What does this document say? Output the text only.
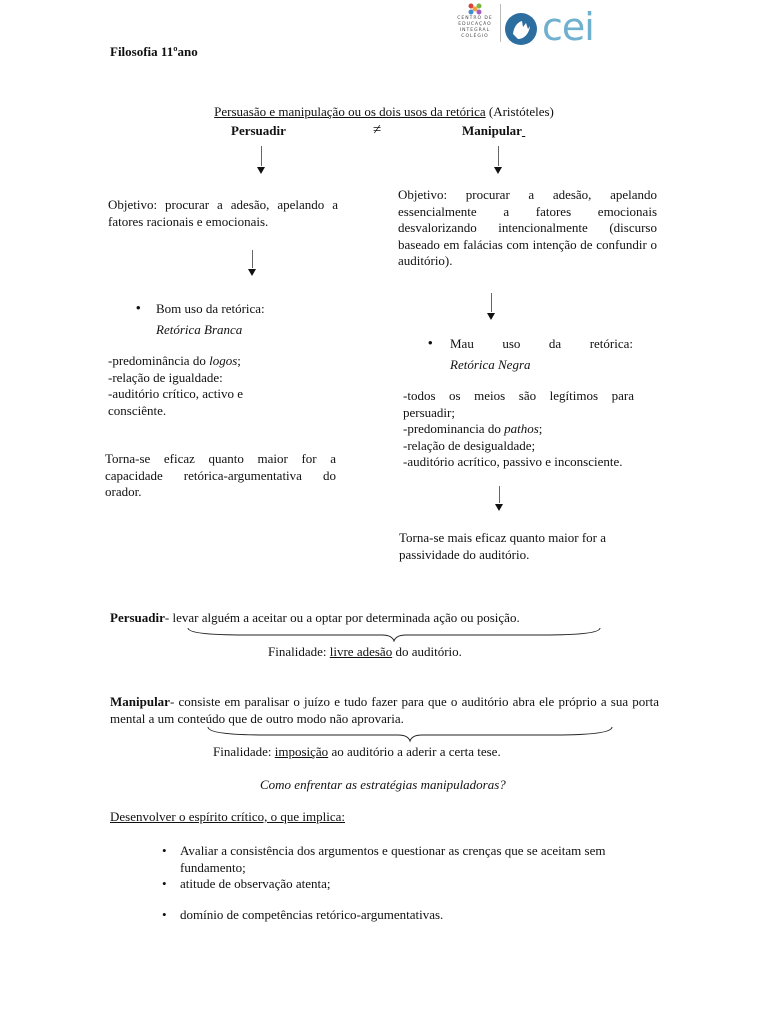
Filosofia 11ºano
CENTRO DE
EDUCAÇÃO
INTEGRAL
COLÉGIO cei
Persuasão e manipulação ou os dois usos da retórica (Aristóteles)
Persuadir	≠	Manipular
Objetivo: procurar a adesão, apelando a fatores racionais e emocionais.
• Bom uso da retórica:
Retórica Branca
-predominância do logos;
-relação de igualdade:
-auditório crítico, activo e consciênte.
Torna-se eficaz quanto maior for a capacidade retórica-argumentativa do orador.
Objetivo: procurar a adesão, apelando essencialmente a fatores emocionais desvalorizando intencionalmente (discurso baseado em falácias com intenção de confundir o auditório).
• Mau uso da retórica:
Retórica Negra
-todos os meios são legítimos para persuadir;
-predominancia do pathos;
-relação de desigualdade;
-auditório acrítico, passivo e inconsciente.
Torna-se mais eficaz quanto maior for a passividade do auditório.
Persuadir- levar alguém a aceitar ou a optar por determinada ação ou posição.
Finalidade: livre adesão do auditório.
Manipular- consiste em paralisar o juízo e tudo fazer para que o auditório abra ele próprio a sua porta mental a um conteúdo que de outro modo não aprovaria.
Finalidade: imposição ao auditório a aderir a certa tese.
Como enfrentar as estratégias manipuladoras?
Desenvolver o espírito crítico, o que implica:
• Avaliar a consistência dos argumentos e questionar as crenças que se aceitam sem fundamento;
• atitude de observação atenta;
• domínio de competências retórico-argumentativas.
